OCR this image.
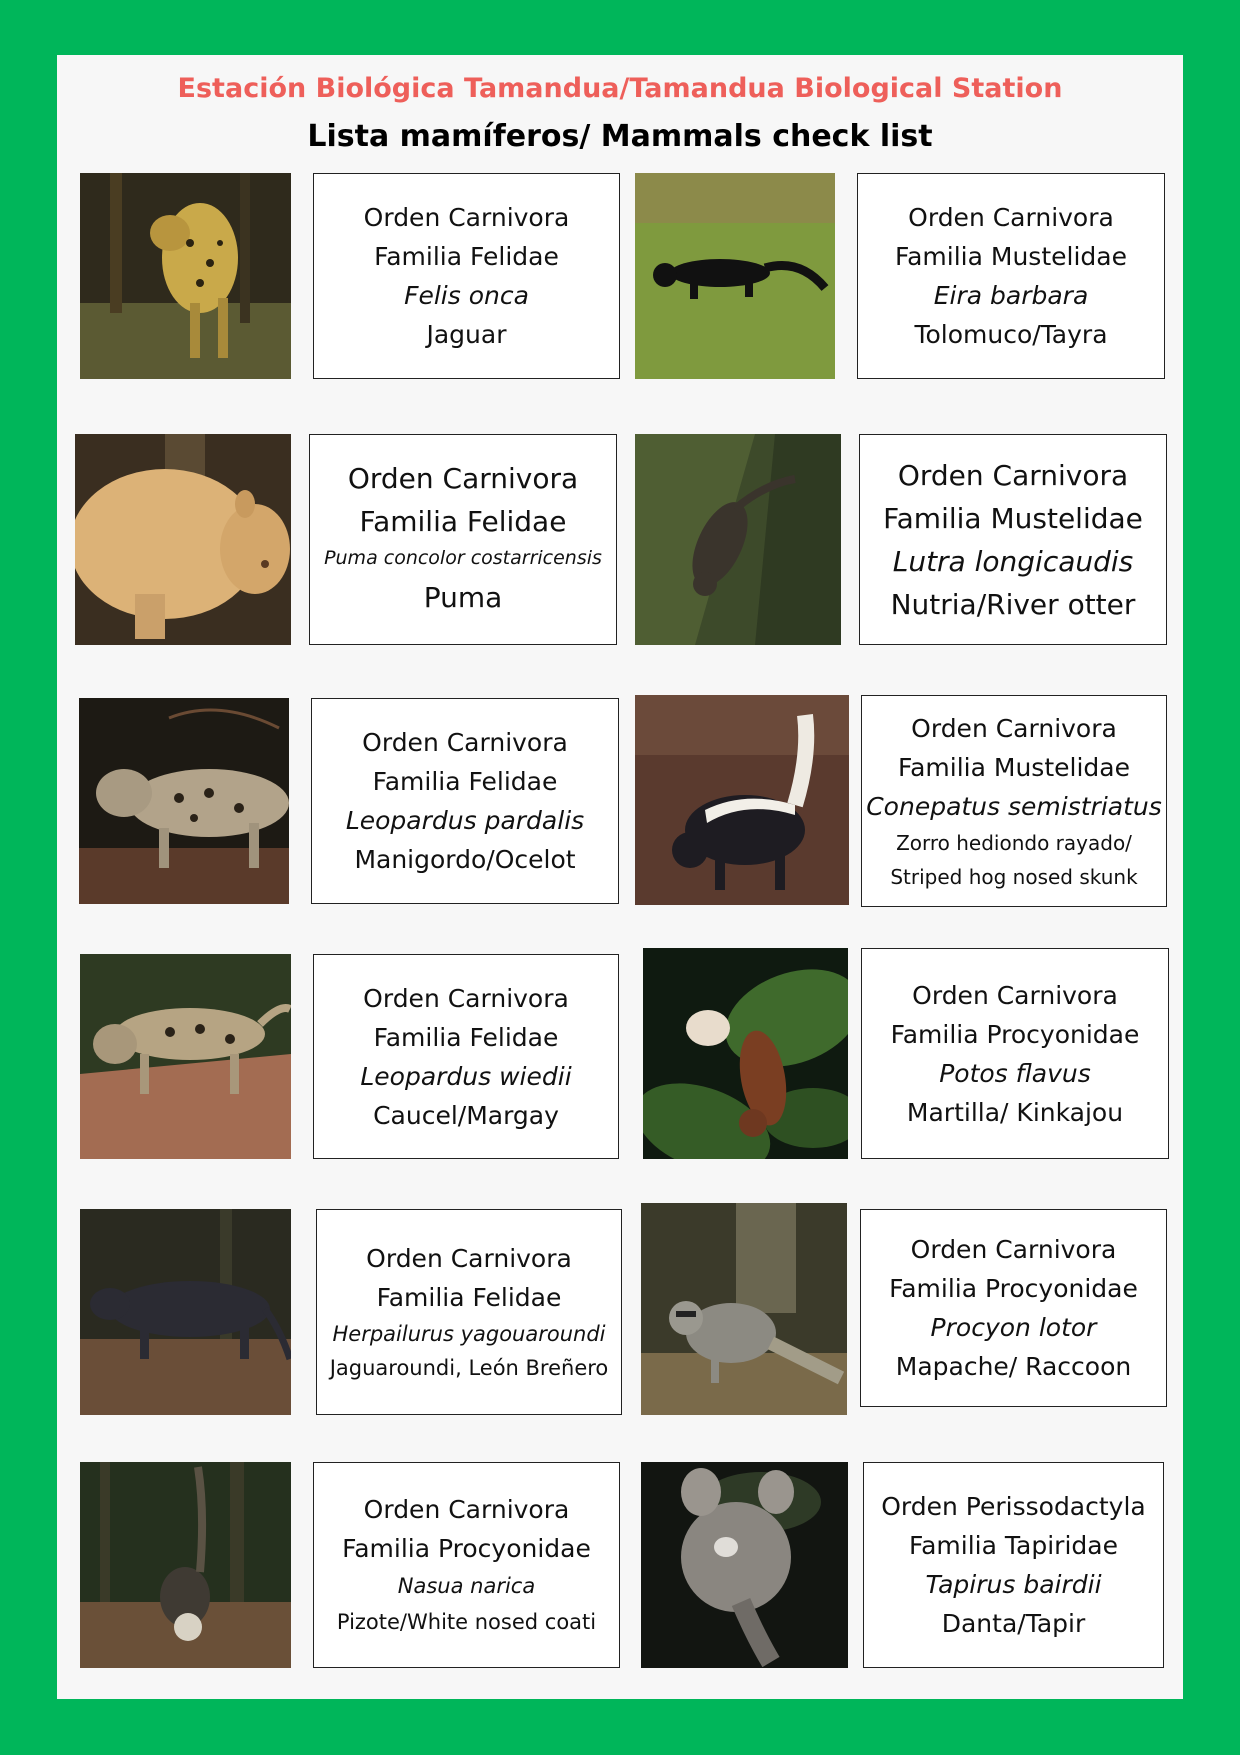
Estación Biológica Tamandua/Tamandua Biological Station
Lista mamíferos/ Mammals check list
Orden Carnivora
Familia Felidae
Felis onca
Jaguar
Orden Carnivora
Familia Mustelidae
Eira barbara
Tolomuco/Tayra
Orden Carnivora
Familia Felidae
Puma concolor costarricensis
Puma
Orden Carnivora
Familia Mustelidae
Lutra longicaudis
Nutria/River otter
Orden Carnivora
Familia Felidae
Leopardus pardalis
Manigordo/Ocelot
Orden Carnivora
Familia Mustelidae
Conepatus semistriatus
Zorro hediondo rayado/
Striped hog nosed skunk
Orden Carnivora
Familia Felidae
Leopardus wiedii
Caucel/Margay
Orden Carnivora
Familia Procyonidae
Potos flavus
Martilla/ Kinkajou
Orden Carnivora
Familia Felidae
Herpailurus yagouaroundi
Jaguaroundi, León Breñero
Orden Carnivora
Familia Procyonidae
Procyon lotor
Mapache/ Raccoon
Orden Carnivora
Familia Procyonidae
Nasua narica
Pizote/White nosed coati
Orden Perissodactyla
Familia Tapiridae
Tapirus bairdii
Danta/Tapir
